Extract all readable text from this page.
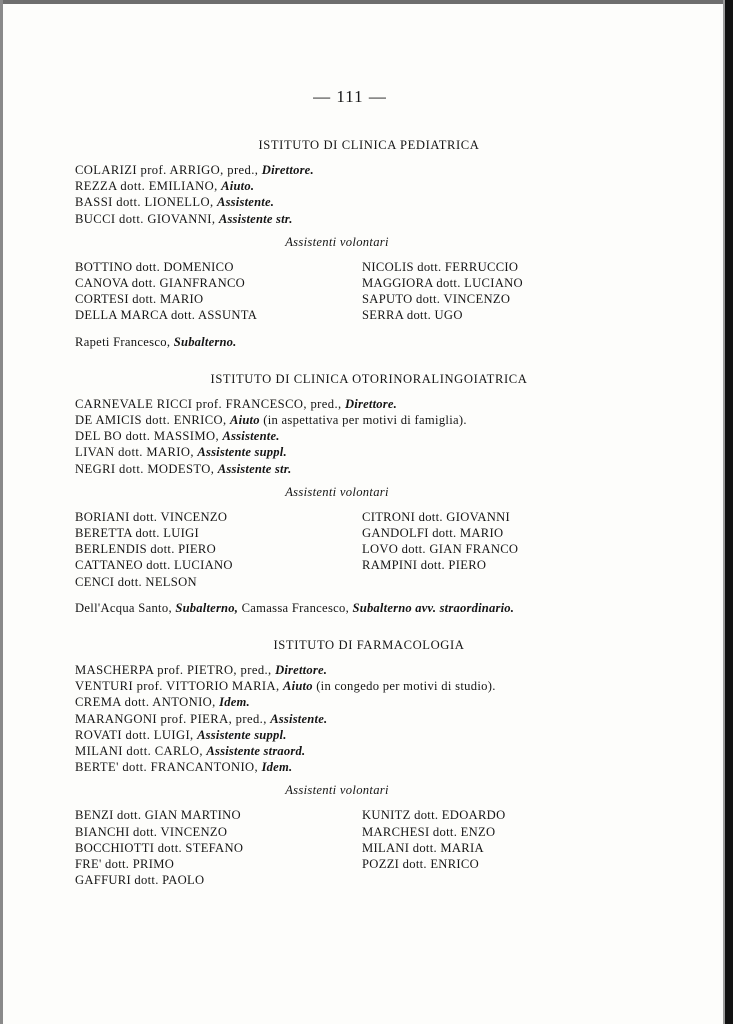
— 111 —
ISTITUTO DI CLINICA PEDIATRICA
COLARIZI prof. ARRIGO, pred., Direttore.
REZZA dott. EMILIANO, Aiuto.
BASSI dott. LIONELLO, Assistente.
BUCCI dott. GIOVANNI, Assistente str.
Assistenti volontari
BOTTINO dott. DOMENICO
CANOVA dott. GIANFRANCO
CORTESI dott. MARIO
DELLA MARCA dott. ASSUNTA
NICOLIS dott. FERRUCCIO
MAGGIORA dott. LUCIANO
SAPUTO dott. VINCENZO
SERRA dott. UGO
Rapeti Francesco, Subalterno.
ISTITUTO DI CLINICA OTORINORALINGOIATRICA
CARNEVALE RICCI prof. FRANCESCO, pred., Direttore.
DE AMICIS dott. ENRICO, Aiuto (in aspettativa per motivi di famiglia).
DEL BO dott. MASSIMO, Assistente.
LIVAN dott. MARIO, Assistente suppl.
NEGRI dott. MODESTO, Assistente str.
Assistenti volontari
BORIANI dott. VINCENZO
BERETTA dott. LUIGI
BERLENDIS dott. PIERO
CATTANEO dott. LUCIANO
CENCI dott. NELSON
CITRONI dott. GIOVANNI
GANDOLFI dott. MARIO
LOVO dott. GIAN FRANCO
RAMPINI dott. PIERO
Dell'Acqua Santo, Subalterno, Camassa Francesco, Subalterno avv. straordinario.
ISTITUTO DI FARMACOLOGIA
MASCHERPA prof. PIETRO, pred., Direttore.
VENTURI prof. VITTORIO MARIA, Aiuto (in congedo per motivi di studio).
CREMA dott. ANTONIO, Idem.
MARANGONI prof. PIERA, pred., Assistente.
ROVATI dott. LUIGI, Assistente suppl.
MILANI dott. CARLO, Assistente straord.
BERTE' dott. FRANCANTONIO, Idem.
Assistenti volontari
BENZI dott. GIAN MARTINO
BIANCHI dott. VINCENZO
BOCCHIOTTI dott. STEFANO
FRE' dott. PRIMO
GAFFURI dott. PAOLO
KUNITZ dott. EDOARDO
MARCHESI dott. ENZO
MILANI dott. MARIA
POZZI dott. ENRICO
